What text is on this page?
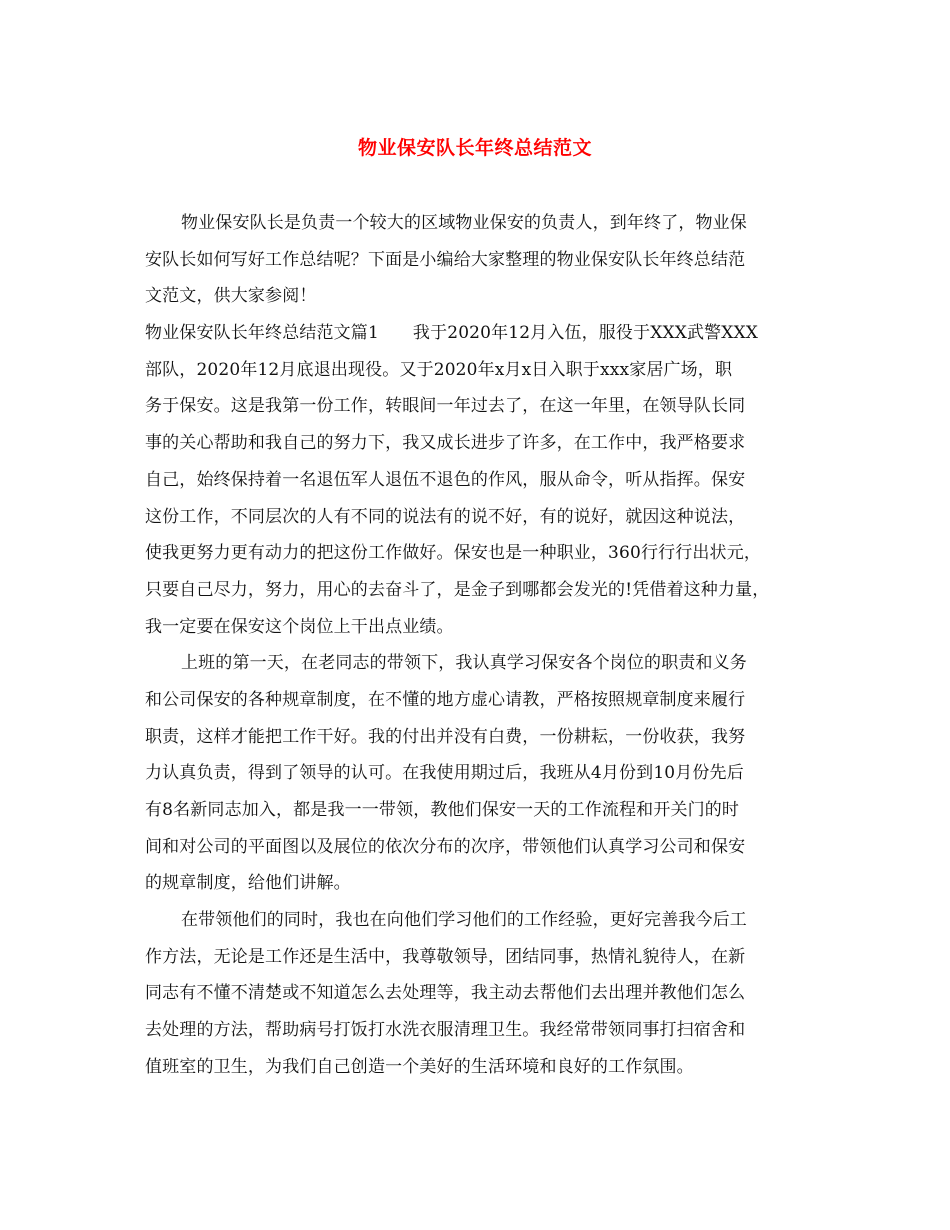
物业保安队长年终总结范文
物业保安队长是负责一个较大的区域物业保安的负责人，到年终了，物业保
安队长如何写好工作总结呢？下面是小编给大家整理的物业保安队长年终总结范
文范文，供大家参阅！
物业保安队长年终总结范文篇1 我于2020年12月入伍，服役于XXX武警XXX
部队，2020年12月底退出现役。又于2020年x月x日入职于xxx家居广场，职
务于保安。这是我第一份工作，转眼间一年过去了，在这一年里，在领导队长同
事的关心帮助和我自己的努力下，我又成长进步了许多，在工作中，我严格要求
自己，始终保持着一名退伍军人退伍不退色的作风，服从命令，听从指挥。保安
这份工作，不同层次的人有不同的说法有的说不好，有的说好，就因这种说法，
使我更努力更有动力的把这份工作做好。保安也是一种职业，360行行行出状元，
只要自己尽力，努力，用心的去奋斗了，是金子到哪都会发光的!凭借着这种力量，
我一定要在保安这个岗位上干出点业绩。
上班的第一天，在老同志的带领下，我认真学习保安各个岗位的职责和义务
和公司保安的各种规章制度，在不懂的地方虚心请教，严格按照规章制度来履行
职责，这样才能把工作干好。我的付出并没有白费，一份耕耘，一份收获，我努
力认真负责，得到了领导的认可。在我使用期过后，我班从4月份到10月份先后
有8名新同志加入，都是我一一带领，教他们保安一天的工作流程和开关门的时
间和对公司的平面图以及展位的依次分布的次序，带领他们认真学习公司和保安
的规章制度，给他们讲解。
在带领他们的同时，我也在向他们学习他们的工作经验，更好完善我今后工
作方法，无论是工作还是生活中，我尊敬领导，团结同事，热情礼貌待人，在新
同志有不懂不清楚或不知道怎么去处理等，我主动去帮他们去出理并教他们怎么
去处理的方法，帮助病号打饭打水洗衣服清理卫生。我经常带领同事打扫宿舍和
值班室的卫生，为我们自己创造一个美好的生活环境和良好的工作氛围。
